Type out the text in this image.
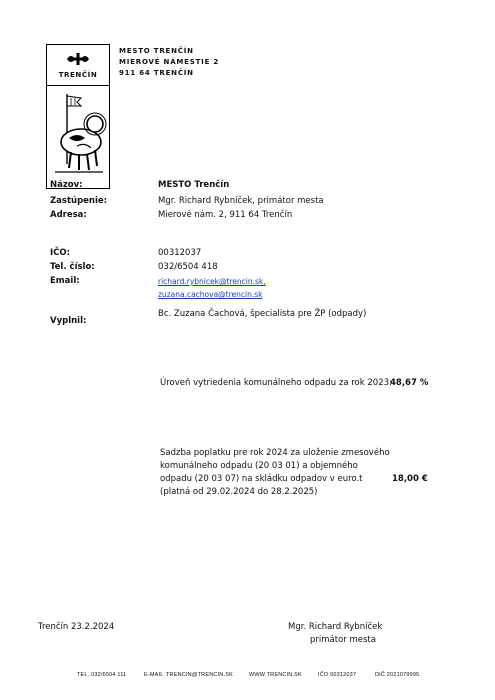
TRENČÍN
MESTO TRENČÍN
MIEROVÉ NÁMESTIE 2
911 64 TRENČÍN
Názov:	MESTO Trenčín
Zastúpenie:	Mgr. Richard Rybníček, primátor mesta
Adresa:	Mierové nám. 2, 911 64 Trenčín
IČO:	00312037
Tel. číslo:	032/6504 418
Email:	richard.rybnicek@trencin.sk,
zuzana.cachova@trencin.sk
Vyplnil:
Bc. Zuzana Čachová, špecialista pre ŽP (odpady)
Úroveň vytriedenia komunálneho odpadu za rok 2023:
48,67 %
Sadzba poplatku pre rok 2024 za uloženie zmesového
komunálneho odpadu (20 03 01) a objemného
odpadu (20 03 07) na skládku odpadov v euro.t
(platná od 29.02.2024 do 28.2.2025)
18,00 €
Trenčín 23.2.2024	Mgr. Richard Rybníček
primátor mesta
TEL. 032/6504 111	E-MAIL TRENCIN@TRENCIN.SK	WWW.TRENCIN.SK	IČO 00312037	DIČ 2021079995
